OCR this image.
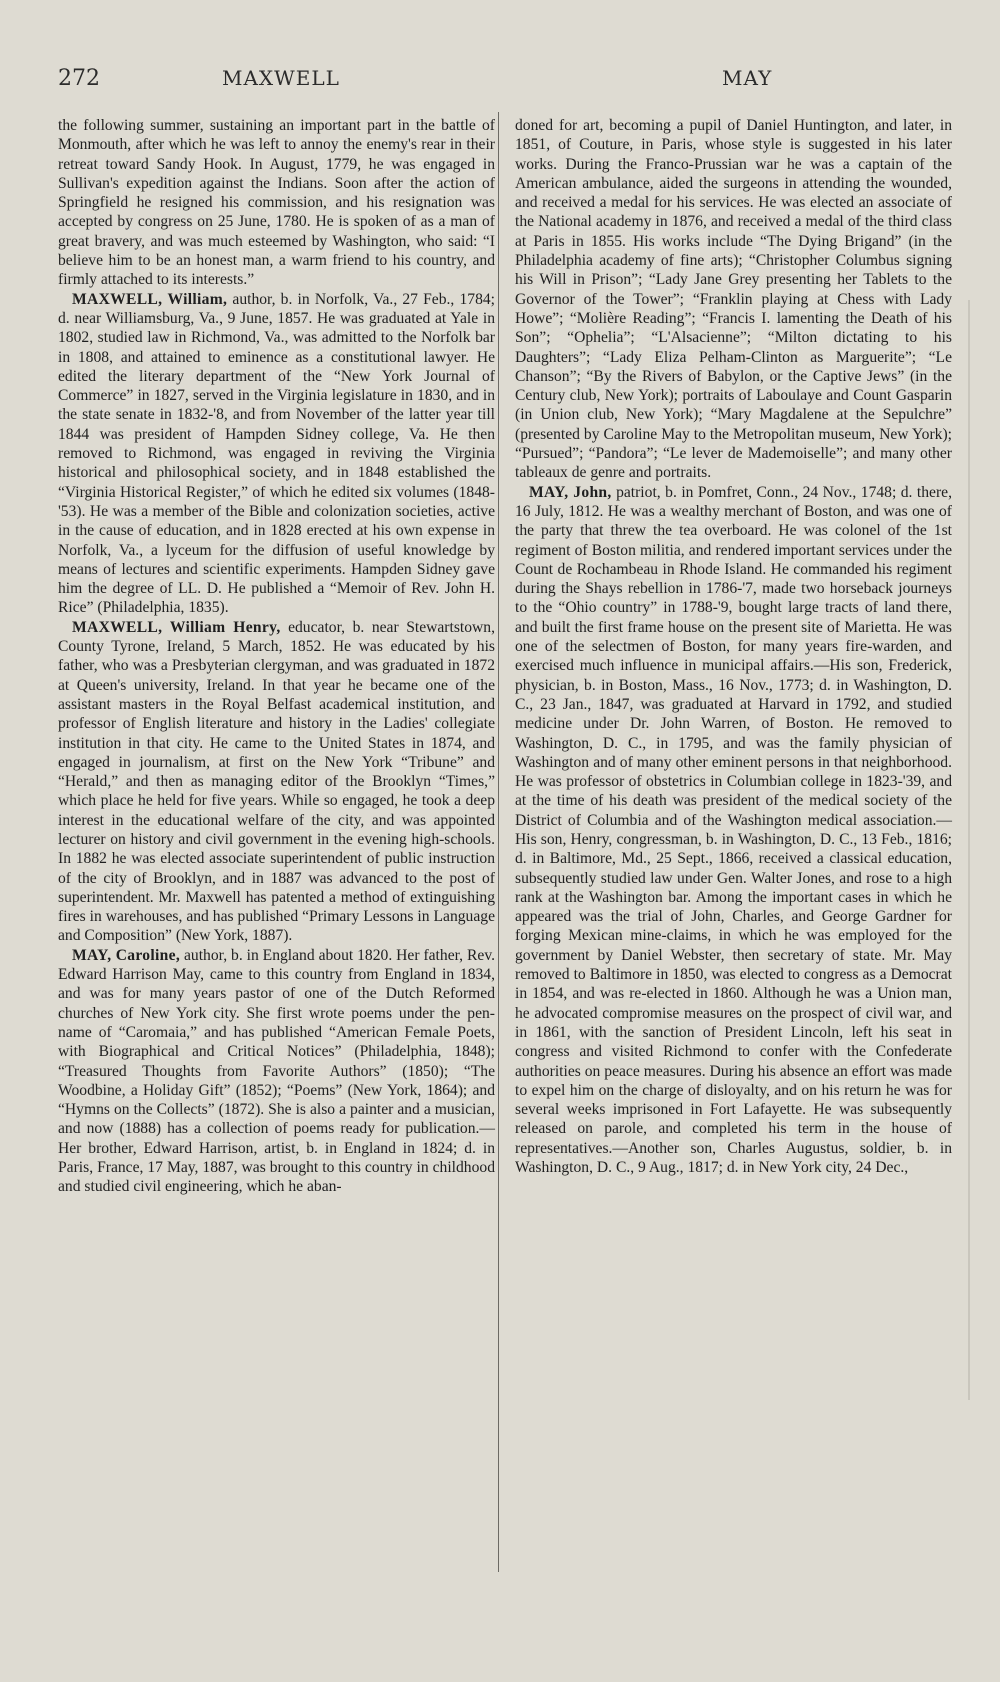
272	MAXWELL	MAY

the following summer, sustaining an important part in the battle of Monmouth, after which he was left to annoy the enemy's rear in their retreat toward Sandy Hook. In August, 1779, he was engaged in Sullivan's expedition against the Indians. Soon after the action of Springfield he resigned his commission, and his resignation was accepted by congress on 25 June, 1780. He is spoken of as a man of great bravery, and was much esteemed by Washington, who said: “I believe him to be an honest man, a warm friend to his country, and firmly attached to its interests.”

MAXWELL, William, author, b. in Norfolk, Va., 27 Feb., 1784; d. near Williamsburg, Va., 9 June, 1857. He was graduated at Yale in 1802, studied law in Richmond, Va., was admitted to the Norfolk bar in 1808, and attained to eminence as a constitutional lawyer. He edited the literary department of the “New York Journal of Commerce” in 1827, served in the Virginia legislature in 1830, and in the state senate in 1832-'8, and from November of the latter year till 1844 was president of Hampden Sidney college, Va. He then removed to Richmond, was engaged in reviving the Virginia historical and philosophical society, and in 1848 established the “Virginia Historical Register,” of which he edited six volumes (1848-'53). He was a member of the Bible and colonization societies, active in the cause of education, and in 1828 erected at his own expense in Norfolk, Va., a lyceum for the diffusion of useful knowledge by means of lectures and scientific experiments. Hampden Sidney gave him the degree of LL. D. He published a “Memoir of Rev. John H. Rice” (Philadelphia, 1835).

MAXWELL, William Henry, educator, b. near Stewartstown, County Tyrone, Ireland, 5 March, 1852. He was educated by his father, who was a Presbyterian clergyman, and was graduated in 1872 at Queen's university, Ireland. In that year he became one of the assistant masters in the Royal Belfast academical institution, and professor of English literature and history in the Ladies' collegiate institution in that city. He came to the United States in 1874, and engaged in journalism, at first on the New York “Tribune” and “Herald,” and then as managing editor of the Brooklyn “Times,” which place he held for five years. While so engaged, he took a deep interest in the educational welfare of the city, and was appointed lecturer on history and civil government in the evening high-schools. In 1882 he was elected associate superintendent of public instruction of the city of Brooklyn, and in 1887 was advanced to the post of superintendent. Mr. Maxwell has patented a method of extinguishing fires in warehouses, and has published “Primary Lessons in Language and Composition” (New York, 1887).

MAY, Caroline, author, b. in England about 1820. Her father, Rev. Edward Harrison May, came to this country from England in 1834, and was for many years pastor of one of the Dutch Reformed churches of New York city. She first wrote poems under the pen-name of “Caromaia,” and has published “American Female Poets, with Biographical and Critical Notices” (Philadelphia, 1848); “Treasured Thoughts from Favorite Authors” (1850); “The Woodbine, a Holiday Gift” (1852); “Poems” (New York, 1864); and “Hymns on the Collects” (1872). She is also a painter and a musician, and now (1888) has a collection of poems ready for publication.—Her brother, Edward Harrison, artist, b. in England in 1824; d. in Paris, France, 17 May, 1887, was brought to this country in childhood and studied civil engineering, which he aban-

doned for art, becoming a pupil of Daniel Huntington, and later, in 1851, of Couture, in Paris, whose style is suggested in his later works. During the Franco-Prussian war he was a captain of the American ambulance, aided the surgeons in attending the wounded, and received a medal for his services. He was elected an associate of the National academy in 1876, and received a medal of the third class at Paris in 1855. His works include “The Dying Brigand” (in the Philadelphia academy of fine arts); “Christopher Columbus signing his Will in Prison”; “Lady Jane Grey presenting her Tablets to the Governor of the Tower”; “Franklin playing at Chess with Lady Howe”; “Molière Reading”; “Francis I. lamenting the Death of his Son”; “Ophelia”; “L'Alsacienne”; “Milton dictating to his Daughters”; “Lady Eliza Pelham-Clinton as Marguerite”; “Le Chanson”; “By the Rivers of Babylon, or the Captive Jews” (in the Century club, New York); portraits of Laboulaye and Count Gasparin (in Union club, New York); “Mary Magdalene at the Sepulchre” (presented by Caroline May to the Metropolitan museum, New York); “Pursued”; “Pandora”; “Le lever de Mademoiselle”; and many other tableaux de genre and portraits.

MAY, John, patriot, b. in Pomfret, Conn., 24 Nov., 1748; d. there, 16 July, 1812. He was a wealthy merchant of Boston, and was one of the party that threw the tea overboard. He was colonel of the 1st regiment of Boston militia, and rendered important services under the Count de Rochambeau in Rhode Island. He commanded his regiment during the Shays rebellion in 1786-'7, made two horseback journeys to the “Ohio country” in 1788-'9, bought large tracts of land there, and built the first frame house on the present site of Marietta. He was one of the selectmen of Boston, for many years fire-warden, and exercised much influence in municipal affairs.—His son, Frederick, physician, b. in Boston, Mass., 16 Nov., 1773; d. in Washington, D. C., 23 Jan., 1847, was graduated at Harvard in 1792, and studied medicine under Dr. John Warren, of Boston. He removed to Washington, D. C., in 1795, and was the family physician of Washington and of many other eminent persons in that neighborhood. He was professor of obstetrics in Columbian college in 1823-'39, and at the time of his death was president of the medical society of the District of Columbia and of the Washington medical association.—His son, Henry, congressman, b. in Washington, D. C., 13 Feb., 1816; d. in Baltimore, Md., 25 Sept., 1866, received a classical education, subsequently studied law under Gen. Walter Jones, and rose to a high rank at the Washington bar. Among the important cases in which he appeared was the trial of John, Charles, and George Gardner for forging Mexican mine-claims, in which he was employed for the government by Daniel Webster, then secretary of state. Mr. May removed to Baltimore in 1850, was elected to congress as a Democrat in 1854, and was re-elected in 1860. Although he was a Union man, he advocated compromise measures on the prospect of civil war, and in 1861, with the sanction of President Lincoln, left his seat in congress and visited Richmond to confer with the Confederate authorities on peace measures. During his absence an effort was made to expel him on the charge of disloyalty, and on his return he was for several weeks imprisoned in Fort Lafayette. He was subsequently released on parole, and completed his term in the house of representatives.—Another son, Charles Augustus, soldier, b. in Washington, D. C., 9 Aug., 1817; d. in New York city, 24 Dec.,
